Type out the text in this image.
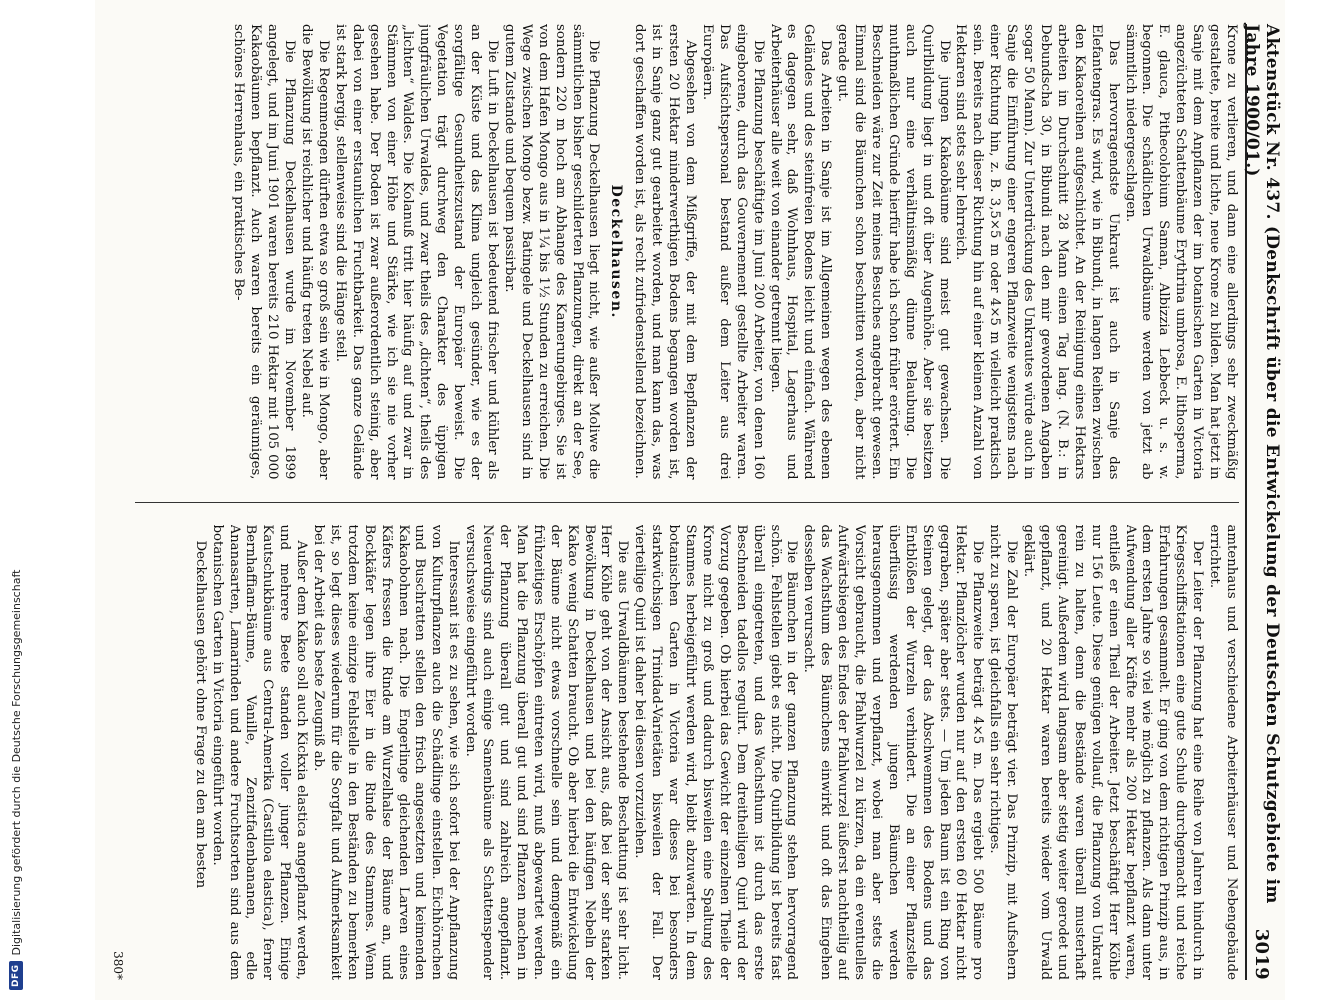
DFG
Digitalisierung gefördert durch die Deutsche Forschungsgemeinschaft	Aktenstück Nr. 437. (Denkschrift über die Entwickelung der Deutschen Schutzgebiete im Jahre 1900/01.)
3019

Krone zu verlieren, und dann eine allerdings sehr zweckmäßig gestaltete, breite und lichte, neue Krone zu bilden. Man hat jetzt in Sanje mit dem Anpflanzen der im botanischen Garten in Victoria angezüchteten Schattenbäume Erythrina umbrosa, E. lithosperma, E. glauca, Pithecolobium Saman, Albizzia Lebbeck u. s. w. begonnen. Die schädlichen Urwaldbäume werden von jetzt ab sämmtlich niedergeschlagen.

Das hervorragendste Unkraut ist auch in Sanje das Elefantengras. Es wird, wie in Bibundi, in langen Reihen zwischen den Kakaoreihen aufgeschichtet. An der Reinigung eines Hektars arbeiten im Durchschnitt 28 Mann einen Tag lang. (N. B.: in Debundscha 30, in Bibundi nach den mir gewordenen Angaben sogar 50 Mann). Zur Unterdrückung des Unkrautes würde auch in Sanje die Einführung einer engeren Pflanzweite wenigstens nach einer Richtung hin, z. B. 3,5×5 m oder 4×5 m vielleicht praktisch sein. Bereits nach dieser Richtung hin auf einer kleinen Anzahl von Hektaren sind stets sehr lehrreich.

Die jungen Kakaobäume sind meist gut gewachsen. Die Quirlbildung liegt in und oft über Augenhöhe. Aber sie besitzen auch nur eine verhältnismäßig dünne Belaubung. Die muthmaßlichen Gründe hierfür habe ich schon früher erörtert. Ein Beschneiden wäre zur Zeit meines Besuches angebracht gewesen. Einmal sind die Bäumchen schon beschnitten worden, aber nicht gerade gut.

Das Arbeiten in Sanje ist im Allgemeinen wegen des ebenen Geländes und des steinfreien Bodens leicht und einfach. Während es dagegen sehr, daß Wohnhaus, Hospital, Lagerhaus und Arbeiterhäuser alle weit von einander getrennt liegen.

Die Pflanzung beschäftigte im Juni 200 Arbeiter, von denen 160 eingeborene, durch das Gouvernement gestellte Arbeiter waren. Das Aufsichtspersonal bestand außer dem Leiter aus drei Europäern.

Abgesehen von dem Mißgriffe, der mit dem Bepflanzen der ersten 20 Hektar minderwerthigen Bodens begangen worden ist, ist in Sanje ganz gut gearbeitet worden, und man kann das, was dort geschaffen worden ist, als recht zufriedenstellend bezeichnen.

Deckelhausen.

Die Pflanzung Deckelhausen liegt nicht, wie außer Moliwe die sämmtlichen bisher geschilderten Pflanzungen, direkt an der See, sondern 220 m hoch am Abhange des Kamerungebirges. Sie ist von dem Hafen Mongo aus in 1¼ bis 1½ Stunden zu erreichen. Die Wege zwischen Mongo bezw. Batingele und Deckelhausen sind in gutem Zustande und bequem passirbar.

Die Luft in Deckelhausen ist bedeutend frischer und kühler als an der Küste und das Klima ungleich gesünder, wie es der sorgfältige Gesundheitszustand der Europäer beweist. Die Vegetation trägt durchweg den Charakter des üppigen jungfräulichen Urwaldes, und zwar theils des „dichten“, theils des „lichten“ Waldes. Die Kolanuß tritt hier häufig auf und zwar in Stämmen von einer Höhe und Stärke, wie ich sie nie vorher gesehen habe. Der Boden ist zwar außerordentlich steinig, aber dabei von einer erstaunlichen Fruchtbarkeit. Das ganze Gelände ist stark bergig, stellenweise sind die Hänge steil.

Die Regenmengen dürften etwa so groß sein wie in Mongo, aber die Bewölkung ist reichlicher und häufig treten Nebel auf.

Die Pflanzung Deckelhausen wurde im November 1899 angelegt, und im Juni 1901 waren bereits 210 Hektar mit 105 000 Kakaobäumen bepflanzt. Auch waren bereits ein geräumiges, schönes Herrenhaus, ein praktisches Be-

amtenhaus und verschiedene Arbeiterhäuser und Nebengebäude errichtet.

Der Leiter der Pflanzung hat eine Reihe von Jahren hindurch in Kriegsschiffstationen eine gute Schule durchgemacht und reiche Erfahrungen gesammelt. Er ging von dem richtigen Prinzip aus, in dem ersten Jahre so viel wie möglich zu pflanzen. Als dann unter Aufwendung aller Kräfte mehr als 200 Hektar bepflanzt waren, entließ er einen Theil der Arbeiter. Jetzt beschäftigt Herr Köhle nur 156 Leute. Diese genügen vollauf, die Pflanzung von Unkraut rein zu halten, denn die Bestände waren überall musterhaft gereinigt. Außerdem wird langsam aber stetig weiter gerodet und gepflanzt, und 20 Hektar waren bereits wieder vom Urwald geklärt.

Die Zahl der Europäer beträgt vier. Das Prinzip, mit Aufsehern nicht zu sparen, ist gleichfalls ein sehr richtiges.

Die Pflanzweite beträgt 4×5 m. Das ergiebt 500 Bäume pro Hektar. Pflanzlöcher wurden nur auf den ersten 60 Hektar nicht gegraben, später aber stets. — Um jeden Baum ist ein Ring von Steinen gelegt, der das Abschwemmen des Bodens und das Entblößen der Wurzeln verhindert. Die an einer Pflanzstelle überflüssig werdenden jungen Bäumchen werden herausgenommen und verpflanzt, wobei man aber stets die Vorsicht gebraucht, die Pfahlwurzel zu kürzen, da ein eventuelles Aufwärtsbiegen des Endes der Pfahlwurzel äußerst nachtheilig auf das Wachsthum des Bäumchens einwirkt und oft das Eingehen desselben verursacht.

Die Bäumchen in der ganzen Pflanzung stehen hervorragend schön. Fehlstellen giebt es nicht. Die Quirlbildung ist bereits fast überall eingetreten, und das Wachsthum ist durch das erste Beschneiden tadellos regulirt. Dem dreitheiligen Quirl wird der Vorzug gegeben. Ob hierbei das Gewicht der einzelnen Theile der Krone nicht zu groß und dadurch bisweilen eine Spaltung des Stammes herbeigeführt werden wird, bleibt abzuwarten. In dem botanischen Garten in Victoria war dieses bei besonders starkwüchsigen Trinidad-Varietäten bisweilen der Fall. Der vierteilige Quirl ist daher bei diesen vorzuziehen.

Die aus Urwaldbäumen bestehende Beschattung ist sehr licht. Herr Köhle geht von der Ansicht aus, daß bei der sehr starken Bewölkung in Deckelhausen und bei den häufigen Nebeln der Kakao wenig Schatten braucht. Ob aber hierbei die Entwickelung der Bäume nicht etwas vorschnelle sein und demgemäß ein frühzeitiges Erschöpfen eintreten wird, muß abgewartet werden. Man hat die Pflanzung überall gut und sind Pflanzen machen in der Pflanzung überall gut und sind zahlreich angepflanzt. Neuerdings sind auch einige Samenbäume als Schattenspender versuchsweise eingeführt worden.

Interessant ist es zu sehen, wie sich sofort bei der Anpflanzung von Kulturpflanzen auch die Schädlinge einstellen. Eichhörnchen und Buschratten stellen den frisch angesetzten und keimenden Kakaobohnen nach. Die Engerlinge gleichenden Larven eines Käfers fressen die Rinde am Wurzelhalse der Bäume an, und Bockkäfer legen ihre Eier in die Rinde des Stammes. Wenn trotzdem keine einzige Fehlstelle in den Beständen zu bemerken ist, so legt dieses wiederum für die Sorgfalt und Aufmerksamkeit bei der Arbeit das beste Zeugniß ab.

Außer dem Kakao soll auch Kickxia elastica angepflanzt werden, und mehrere Beete standen voller junger Pflanzen. Einige Kautschukbäume aus Central-Amerika (Castilloa elastica), ferner Bernhaffiam-Bäume, Vanille, Zenzitfadenbananen, edle Ananasarten, Lamarinden und andere Fruchtsorten sind aus dem botanischen Garten in Victoria eingeführt worden.

Deckelhausen gehört ohne Frage zu den am besten

380*
